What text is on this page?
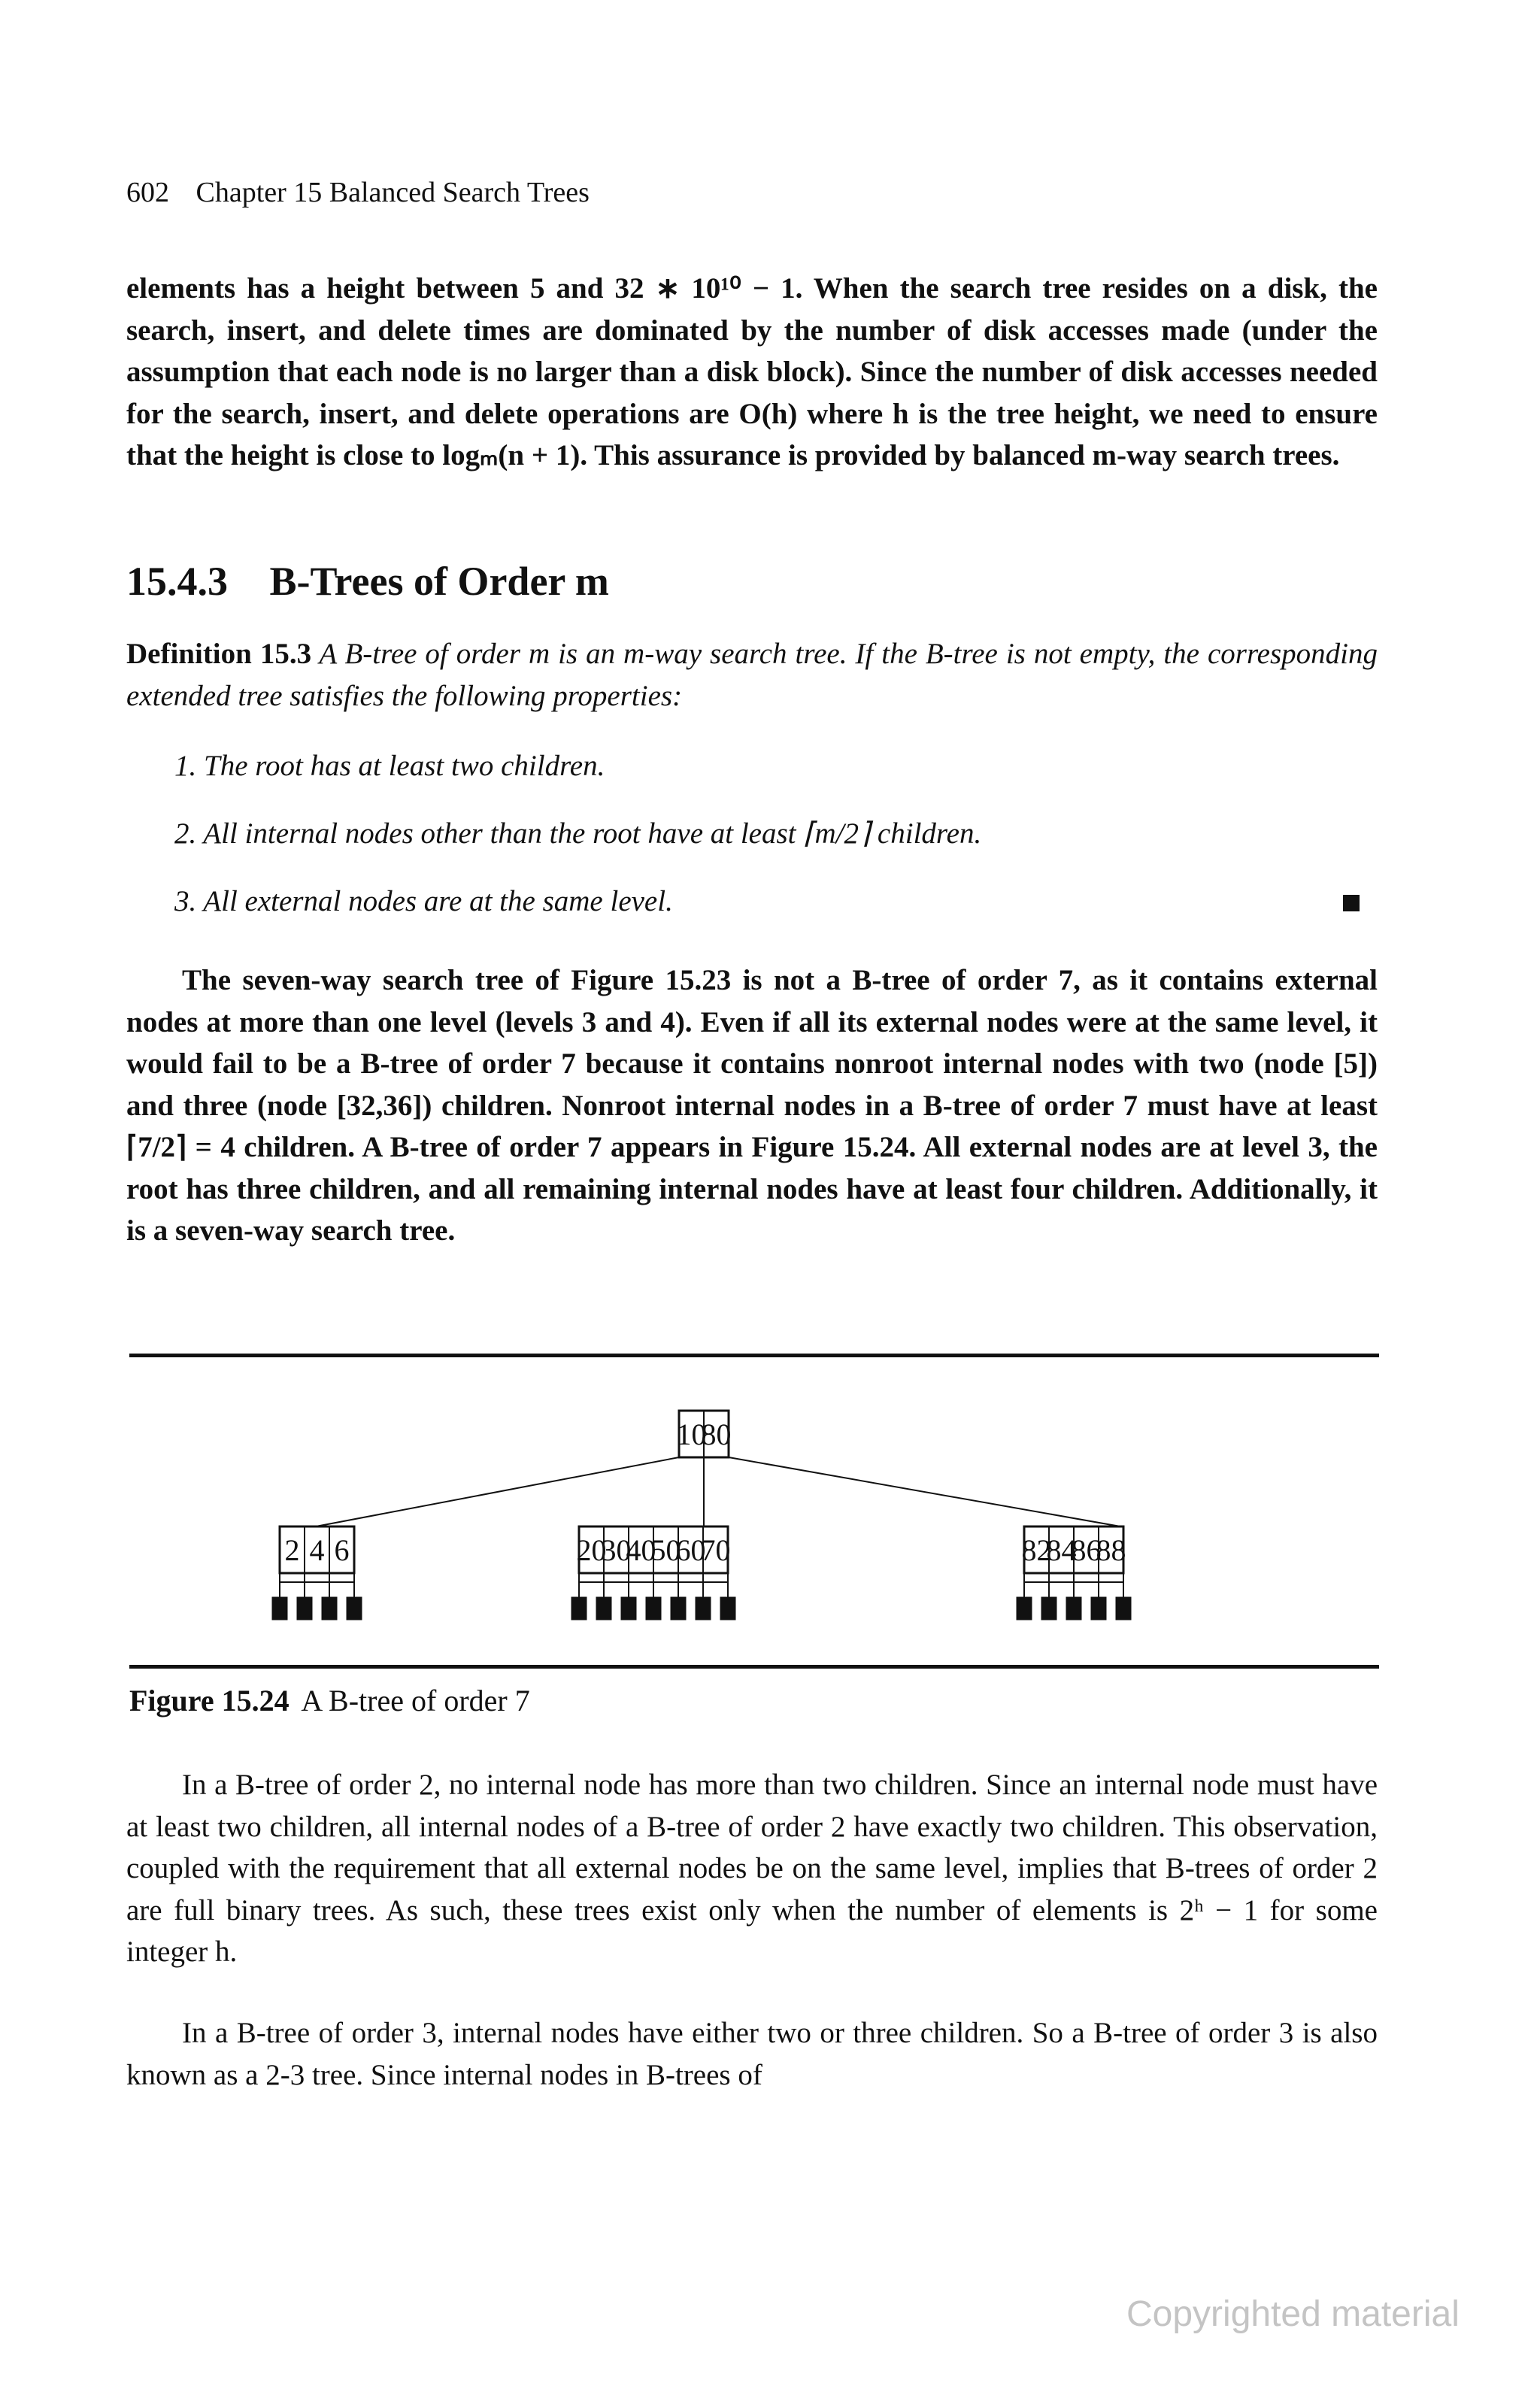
602 Chapter 15 Balanced Search Trees
elements has a height between 5 and 32 ∗ 10¹⁰ − 1. When the search tree resides on a disk, the search, insert, and delete times are dominated by the number of disk accesses made (under the assumption that each node is no larger than a disk block). Since the number of disk accesses needed for the search, insert, and delete operations are O(h) where h is the tree height, we need to ensure that the height is close to logₘ(n + 1). This assurance is provided by balanced m-way search trees.
15.4.3 B-Trees of Order m
Definition 15.3 A B-tree of order m is an m-way search tree. If the B-tree is not empty, the corresponding extended tree satisfies the following properties:
1. The root has at least two children.
2. All internal nodes other than the root have at least ⌈m/2⌉ children.
3. All external nodes are at the same level.
The seven-way search tree of Figure 15.23 is not a B-tree of order 7, as it contains external nodes at more than one level (levels 3 and 4). Even if all its external nodes were at the same level, it would fail to be a B-tree of order 7 because it contains nonroot internal nodes with two (node [5]) and three (node [32,36]) children. Nonroot internal nodes in a B-tree of order 7 must have at least ⌈7/2⌉ = 4 children. A B-tree of order 7 appears in Figure 15.24. All external nodes are at level 3, the root has three children, and all remaining internal nodes have at least four children. Additionally, it is a seven-way search tree.
10
80
2 4 6	20
30
40
50
60
70	82
84
86
88
Figure 15.24 A B-tree of order 7
In a B-tree of order 2, no internal node has more than two children. Since an internal node must have at least two children, all internal nodes of a B-tree of order 2 have exactly two children. This observation, coupled with the requirement that all external nodes be on the same level, implies that B-trees of order 2 are full binary trees. As such, these trees exist only when the number of elements is 2ʰ − 1 for some integer h.
In a B-tree of order 3, internal nodes have either two or three children. So a B-tree of order 3 is also known as a 2-3 tree. Since internal nodes in B-trees of
Copyrighted material
